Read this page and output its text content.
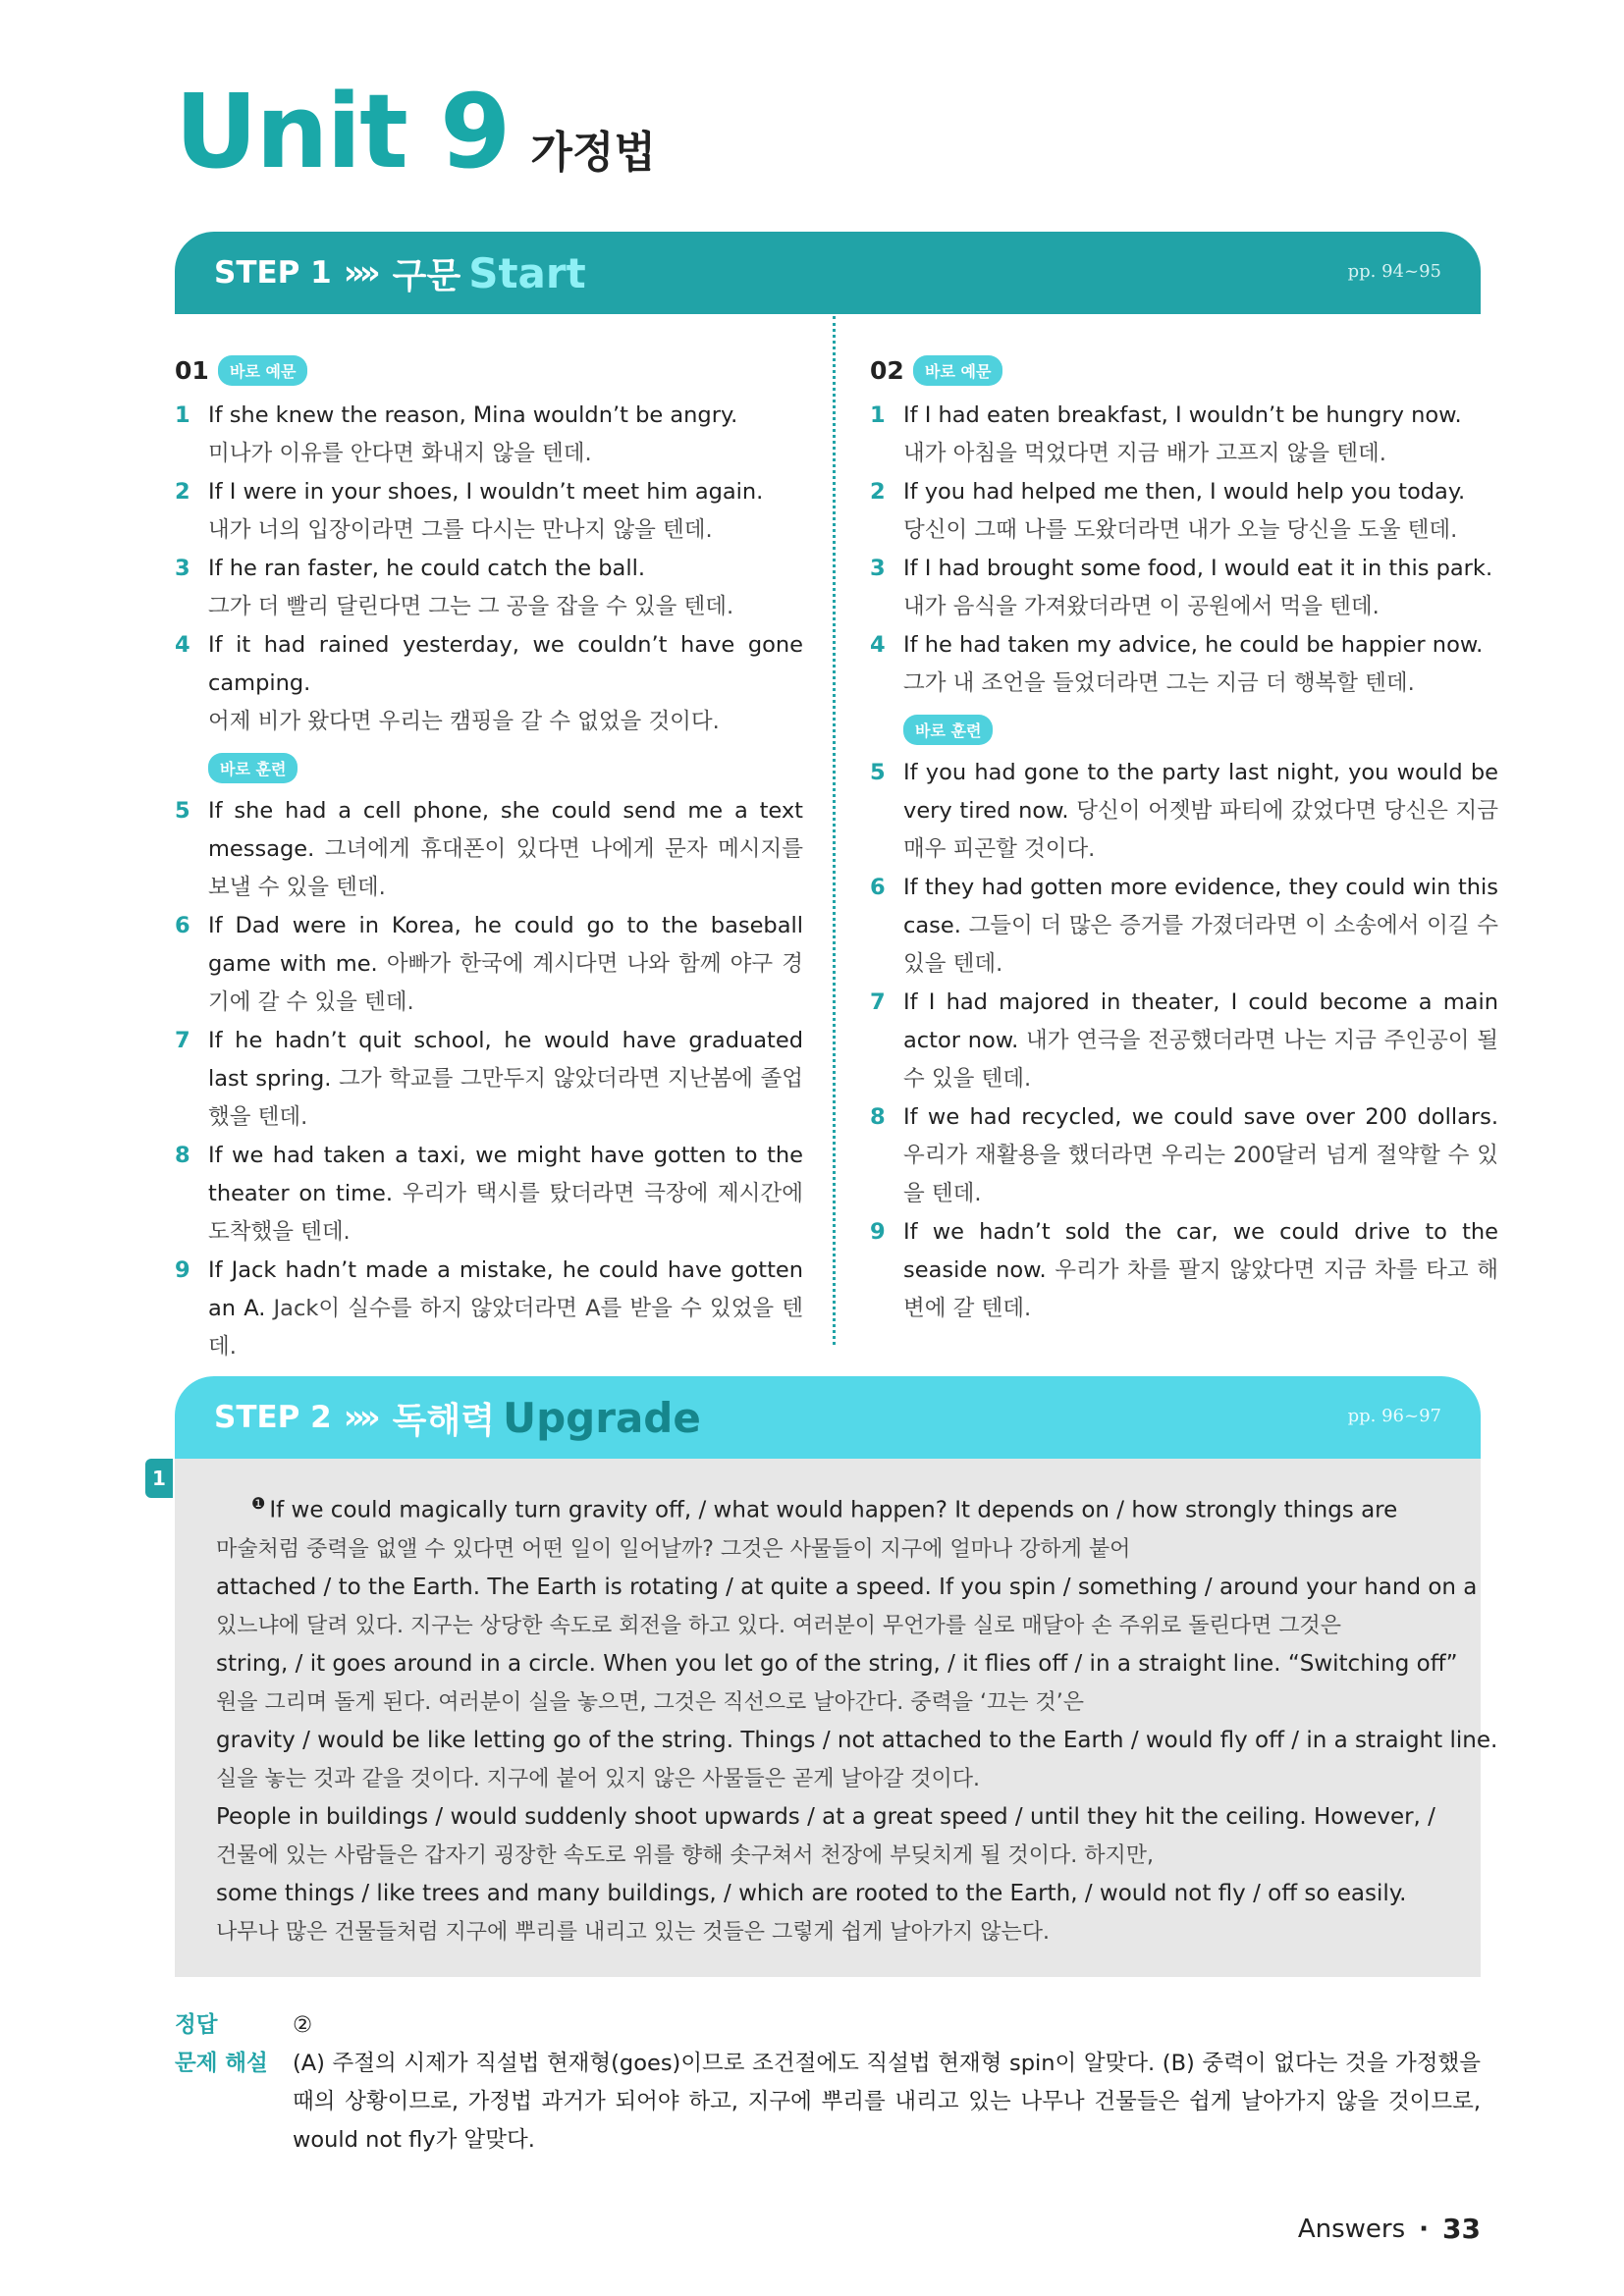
Unit 9 가정법
STEP 1 »» 구문 Start	pp. 94~95
01	바로 예문
1 If she knew the reason, Mina wouldn’t be angry.
미나가 이유를 안다면 화내지 않을 텐데.
2 If I were in your shoes, I wouldn’t meet him again.
내가 너의 입장이라면 그를 다시는 만나지 않을 텐데.
3 If he ran faster, he could catch the ball.
그가 더 빨리 달린다면 그는 그 공을 잡을 수 있을 텐데.
4 If it had rained yesterday, we couldn’t have gone camping.
어제 비가 왔다면 우리는 캠핑을 갈 수 없었을 것이다.
바로 훈련
5 If she had a cell phone, she could send me a text message. 그녀에게 휴대폰이 있다면 나에게 문자 메시지를 보낼 수 있을 텐데.
6 If Dad were in Korea, he could go to the baseball game with me. 아빠가 한국에 계시다면 나와 함께 야구 경기에 갈 수 있을 텐데.
7 If he hadn’t quit school, he would have graduated last spring. 그가 학교를 그만두지 않았더라면 지난봄에 졸업했을 텐데.
8 If we had taken a taxi, we might have gotten to the theater on time. 우리가 택시를 탔더라면 극장에 제시간에 도착했을 텐데.
9 If Jack hadn’t made a mistake, he could have gotten an A. Jack이 실수를 하지 않았더라면 A를 받을 수 있었을 텐데.
02	바로 예문
1 If I had eaten breakfast, I wouldn’t be hungry now.
내가 아침을 먹었다면 지금 배가 고프지 않을 텐데.
2 If you had helped me then, I would help you today.
당신이 그때 나를 도왔더라면 내가 오늘 당신을 도울 텐데.
3 If I had brought some food, I would eat it in this park.
내가 음식을 가져왔더라면 이 공원에서 먹을 텐데.
4 If he had taken my advice, he could be happier now.
그가 내 조언을 들었더라면 그는 지금 더 행복할 텐데.
바로 훈련
5 If you had gone to the party last night, you would be very tired now. 당신이 어젯밤 파티에 갔었다면 당신은 지금 매우 피곤할 것이다.
6 If they had gotten more evidence, they could win this case. 그들이 더 많은 증거를 가졌더라면 이 소송에서 이길 수 있을 텐데.
7 If I had majored in theater, I could become a main actor now. 내가 연극을 전공했더라면 나는 지금 주인공이 될 수 있을 텐데.
8 If we had recycled, we could save over 200 dollars. 우리가 재활용을 했더라면 우리는 200달러 넘게 절약할 수 있을 텐데.
9 If we hadn’t sold the car, we could drive to the seaside now. 우리가 차를 팔지 않았다면 지금 차를 타고 해변에 갈 텐데.
STEP 2 »» 독해력 Upgrade	pp. 96~97
1
$^❶$ If we could magically turn gravity off, / what would happen? It depends on / how strongly things are
마술처럼 중력을 없앨 수 있다면 어떤 일이 일어날까? 그것은 사물들이 지구에 얼마나 강하게 붙어
attached / to the Earth. The Earth is rotating / at quite a speed. If you spin / something / around your hand on a
있느냐에 달려 있다. 지구는 상당한 속도로 회전을 하고 있다. 여러분이 무언가를 실로 매달아 손 주위로 돌린다면 그것은
string, / it goes around in a circle. When you let go of the string, / it flies off / in a straight line. “Switching off”
원을 그리며 돌게 된다. 여러분이 실을 놓으면, 그것은 직선으로 날아간다. 중력을 ‘끄는 것’은
gravity / would be like letting go of the string. Things / not attached to the Earth / would fly off / in a straight line.
실을 놓는 것과 같을 것이다. 지구에 붙어 있지 않은 사물들은 곧게 날아갈 것이다.
People in buildings / would suddenly shoot upwards / at a great speed / until they hit the ceiling. However, /
건물에 있는 사람들은 갑자기 굉장한 속도로 위를 향해 솟구쳐서 천장에 부딪치게 될 것이다. 하지만,
some things / like trees and many buildings, / which are rooted to the Earth, / would not fly / off so easily.
나무나 많은 건물들처럼 지구에 뿌리를 내리고 있는 것들은 그렇게 쉽게 날아가지 않는다.
정답	②
문제 해설	(A) 주절의 시제가 직설법 현재형(goes)이므로 조건절에도 직설법 현재형 spin이 알맞다. (B) 중력이 없다는 것을 가정했을 때의 상황이므로, 가정법 과거가 되어야 하고, 지구에 뿌리를 내리고 있는 나무나 건물들은 쉽게 날아가지 않을 것이므로, would not fly가 알맞다.
Answers · 33
